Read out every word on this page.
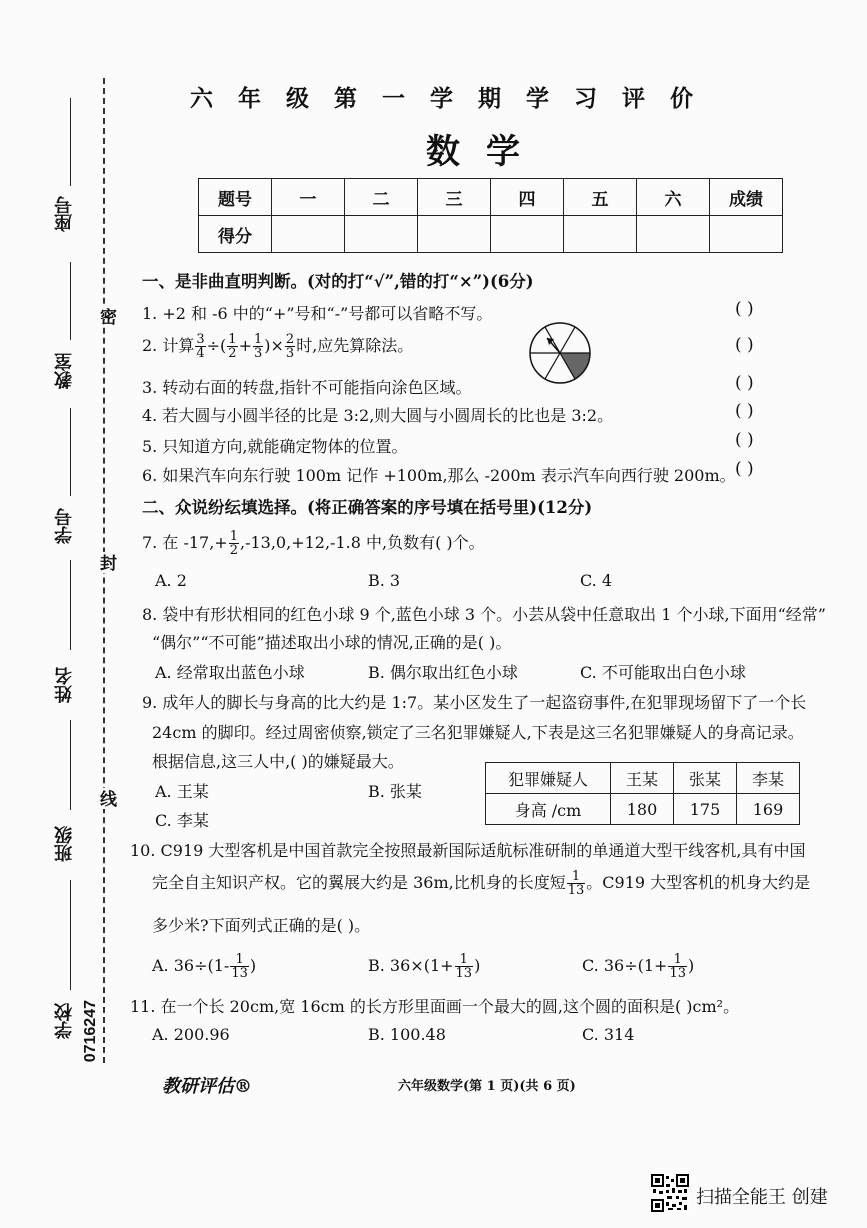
座号
教室
学号
姓名
班级
学校
密
封
线
0716247
六年级第一学期学习评价
数学
题号	一	二	三	四	五	六	成绩
得分							
一、是非曲直明判断。(对的打“√”,错的打“×”)(6分)
1. +2 和 -6 中的“+”号和“-”号都可以省略不写。
2. 计算 $\frac{3}{4}$ ÷( $\frac{1}{2} + \frac{1}{3}$ )× $\frac{2}{3}$ 时,应先算除法。
3. 转动右面的转盘,指针不可能指向涂色区域。
4. 若大圆与小圆半径的比是 3:2,则大圆与小圆周长的比也是 3:2。
5. 只知道方向,就能确定物体的位置。
6. 如果汽车向东行驶 100m 记作 +100m,那么 -200m 表示汽车向西行驶 200m。
( )
( )
( )
( )
( )
( )
二、众说纷纭填选择。(将正确答案的序号填在括号里)(12分)
7. 在 $-17,+ \frac{1}{2} ,-13,0,+12,-1.8$ 中,负数有( )个。
A. 2	B. 3	C. 4
8. 袋中有形状相同的红色小球 9 个,蓝色小球 3 个。小芸从袋中任意取出 1 个小球,下面用“经常”
“偶尔”“不可能”描述取出小球的情况,正确的是( )。
A. 经常取出蓝色小球	B. 偶尔取出红色小球	C. 不可能取出白色小球
9. 成年人的脚长与身高的比大约是 1:7。某小区发生了一起盗窃事件,在犯罪现场留下了一个长
24cm 的脚印。经过周密侦察,锁定了三名犯罪嫌疑人,下表是这三名犯罪嫌疑人的身高记录。
根据信息,这三人中,( )的嫌疑最大。
A. 王某	B. 张某
C. 李某
犯罪嫌疑人	王某	张某	李某
身高 /cm	180	175	169
10. C919 大型客机是中国首款完全按照最新国际适航标准研制的单通道大型干线客机,具有中国
完全自主知识产权。它的翼展大约是 36m,比机身的长度短 $\frac{1}{13}$ 。C919 大型客机的机身大约是
多少米?下面列式正确的是( )。
A. $36\div(1- \frac{1}{13}$ )	B. $36\times(1+ \frac{1}{13}$ )	C. $36\div(1+ \frac{1}{13}$ )
11. 在一个长 20cm,宽 16cm 的长方形里面画一个最大的圆,这个圆的面积是( )cm²。
A. 200.96	B. 100.48	C. 314
教研评估®	六年级数学(第 1 页)(共 6 页)
扫描全能王 创建
